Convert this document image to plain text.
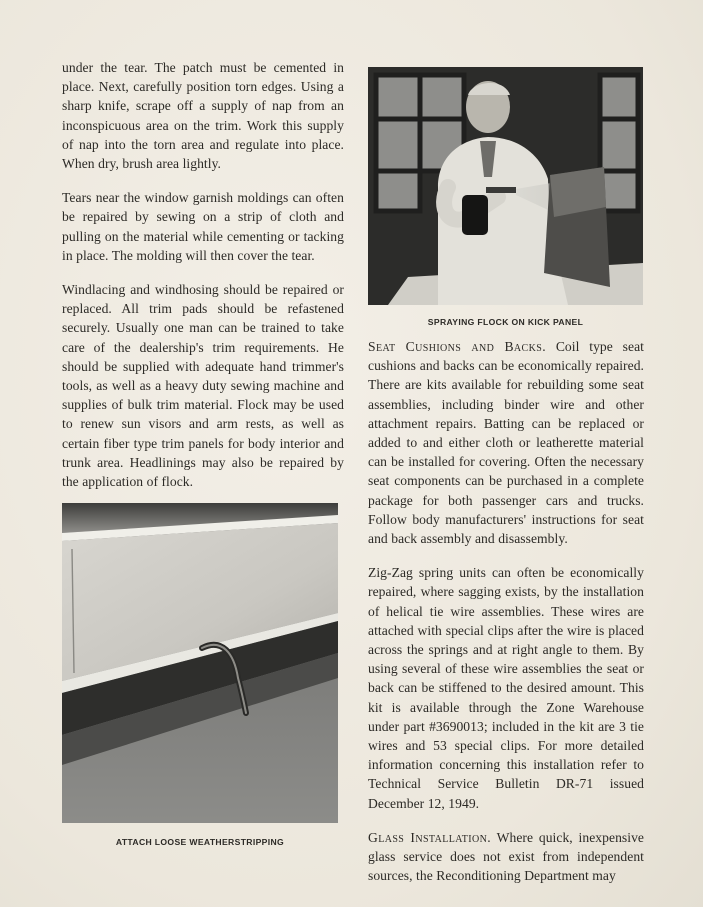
under the tear. The patch must be cemented in place. Next, carefully position torn edges. Using a sharp knife, scrape off a supply of nap from an inconspicuous area on the trim. Work this supply of nap into the torn area and regulate into place. When dry, brush area lightly.

Tears near the window garnish moldings can often be repaired by sewing on a strip of cloth and pulling on the material while cementing or tacking in place. The molding will then cover the tear.

Windlacing and windhosing should be repaired or replaced. All trim pads should be refastened securely. Usually one man can be trained to take care of the dealership's trim requirements. He should be supplied with adequate hand trimmer's tools, as well as a heavy duty sewing machine and supplies of bulk trim material. Flock may be used to renew sun visors and arm rests, as well as certain fiber type trim panels for body interior and trunk area. Headlinings may also be repaired by the application of flock.

ATTACH LOOSE WEATHERSTRIPPING
SPRAYING FLOCK ON KICK PANEL

Seat Cushions and Backs. Coil type seat cushions and backs can be economically repaired. There are kits available for rebuilding some seat assemblies, including binder wire and other attachment repairs. Batting can be replaced or added to and either cloth or leatherette material can be installed for covering. Often the necessary seat components can be purchased in a complete package for both passenger cars and trucks. Follow body manufacturers' instructions for seat and back assembly and disassembly.

Zig-Zag spring units can often be economically repaired, where sagging exists, by the installation of helical tie wire assemblies. These wires are attached with special clips after the wire is placed across the springs and at right angle to them. By using several of these wire assemblies the seat or back can be stiffened to the desired amount. This kit is available through the Zone Warehouse under part #3690013; included in the kit are 3 tie wires and 53 special clips. For more detailed information concerning this installation refer to Technical Service Bulletin DR-71 issued December 12, 1949.

Glass Installation. Where quick, inexpensive glass service does not exist from independent sources, the Reconditioning Department may
